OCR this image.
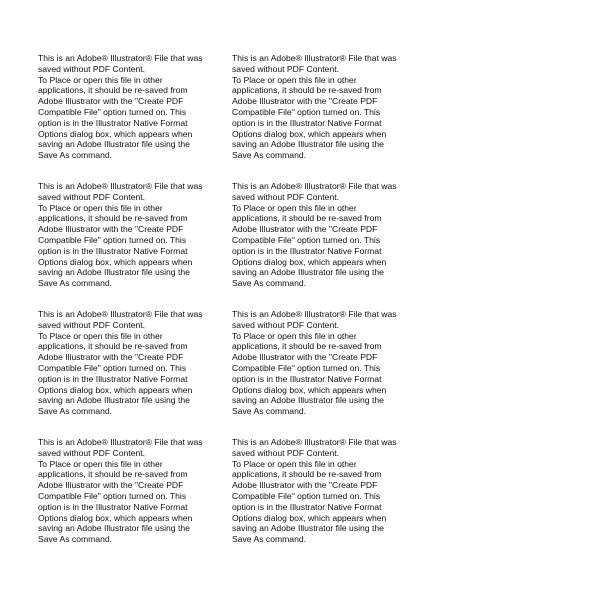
This is an Adobe® Illustrator® File that was
saved without PDF Content.
To Place or open this file in other
applications, it should be re-saved from
Adobe Illustrator with the "Create PDF
Compatible File" option turned on. This
option is in the Illustrator Native Format
Options dialog box, which appears when
saving an Adobe Illustrator file using the
Save As command.
This is an Adobe® Illustrator® File that was
saved without PDF Content.
To Place or open this file in other
applications, it should be re-saved from
Adobe Illustrator with the "Create PDF
Compatible File" option turned on. This
option is in the Illustrator Native Format
Options dialog box, which appears when
saving an Adobe Illustrator file using the
Save As command.
This is an Adobe® Illustrator® File that was
saved without PDF Content.
To Place or open this file in other
applications, it should be re-saved from
Adobe Illustrator with the "Create PDF
Compatible File" option turned on. This
option is in the Illustrator Native Format
Options dialog box, which appears when
saving an Adobe Illustrator file using the
Save As command.
This is an Adobe® Illustrator® File that was
saved without PDF Content.
To Place or open this file in other
applications, it should be re-saved from
Adobe Illustrator with the "Create PDF
Compatible File" option turned on. This
option is in the Illustrator Native Format
Options dialog box, which appears when
saving an Adobe Illustrator file using the
Save As command.
This is an Adobe® Illustrator® File that was
saved without PDF Content.
To Place or open this file in other
applications, it should be re-saved from
Adobe Illustrator with the "Create PDF
Compatible File" option turned on. This
option is in the Illustrator Native Format
Options dialog box, which appears when
saving an Adobe Illustrator file using the
Save As command.
This is an Adobe® Illustrator® File that was
saved without PDF Content.
To Place or open this file in other
applications, it should be re-saved from
Adobe Illustrator with the "Create PDF
Compatible File" option turned on. This
option is in the Illustrator Native Format
Options dialog box, which appears when
saving an Adobe Illustrator file using the
Save As command.
This is an Adobe® Illustrator® File that was
saved without PDF Content.
To Place or open this file in other
applications, it should be re-saved from
Adobe Illustrator with the "Create PDF
Compatible File" option turned on. This
option is in the Illustrator Native Format
Options dialog box, which appears when
saving an Adobe Illustrator file using the
Save As command.
This is an Adobe® Illustrator® File that was
saved without PDF Content.
To Place or open this file in other
applications, it should be re-saved from
Adobe Illustrator with the "Create PDF
Compatible File" option turned on. This
option is in the Illustrator Native Format
Options dialog box, which appears when
saving an Adobe Illustrator file using the
Save As command.
